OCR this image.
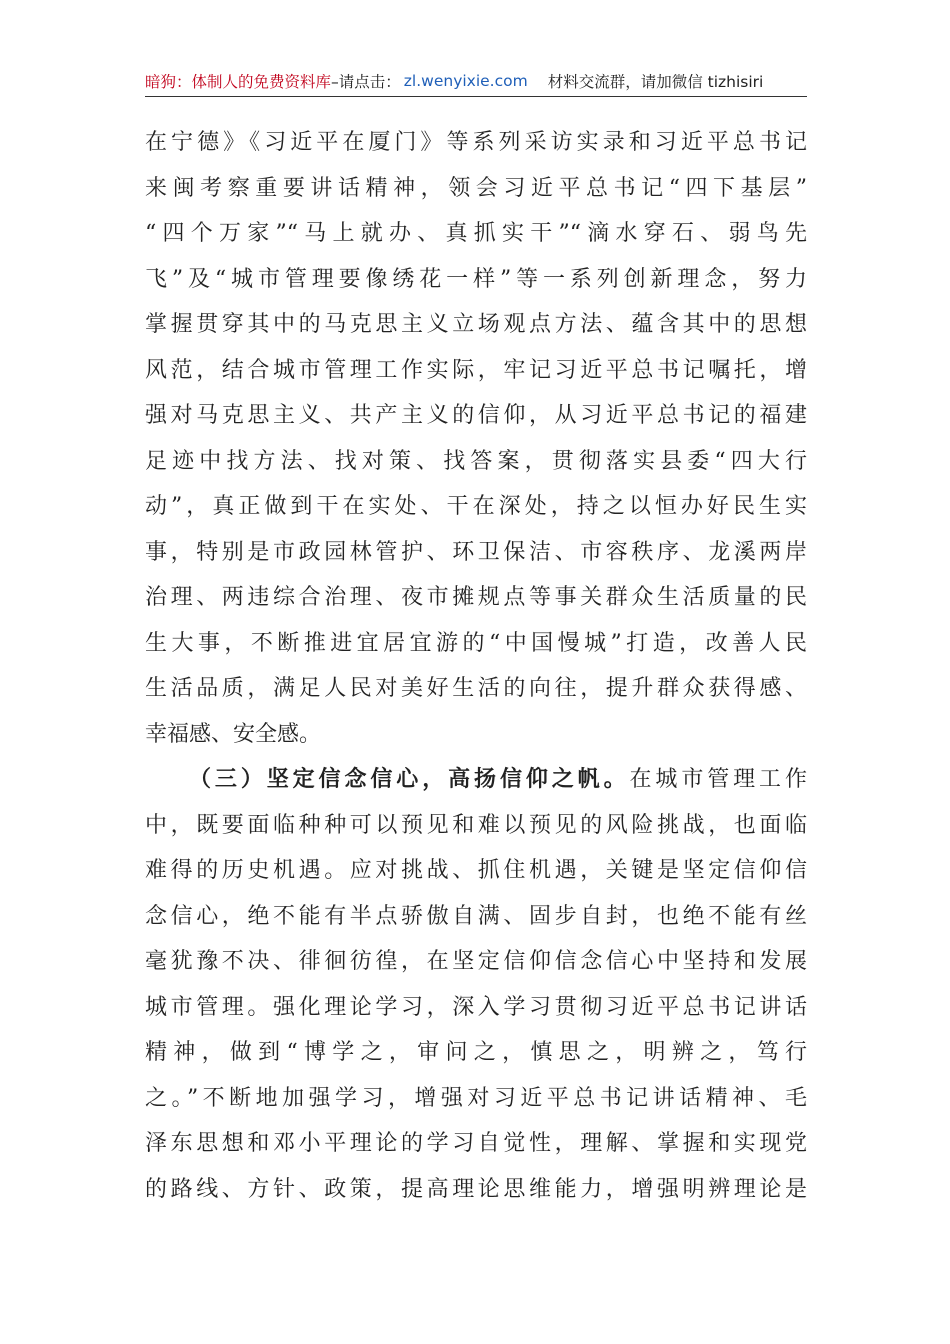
暗狗：体制人的免费资料库 –请点击： zl.wenyixie.com 材料交流群，请加微信 tizhisiri
在宁德》《习近平在厦门》等系列采访实录和习近平总书记
来闽考察重要讲话精神，领会习近平总书记“四下基层”
“四个万家”“马上就办、真抓实干”“滴水穿石、弱鸟先
飞”及“城市管理要像绣花一样”等一系列创新理念，努力
掌握贯穿其中的马克思主义立场观点方法、蕴含其中的思想
风范，结合城市管理工作实际，牢记习近平总书记嘱托，增
强对马克思主义、共产主义的信仰，从习近平总书记的福建
足迹中找方法、找对策、找答案，贯彻落实县委“四大行
动”，真正做到干在实处、干在深处，持之以恒办好民生实
事，特别是市政园林管护、环卫保洁、市容秩序、龙溪两岸
治理、两违综合治理、夜市摊规点等事关群众生活质量的民
生大事，不断推进宜居宜游的“中国慢城”打造，改善人民
生活品质，满足人民对美好生活的向往，提升群众获得感、
幸福感、安全感。
（三）坚定信念信心，高扬信仰之帆。在城市管理工作
中，既要面临种种可以预见和难以预见的风险挑战，也面临
难得的历史机遇。应对挑战、抓住机遇，关键是坚定信仰信
念信心，绝不能有半点骄傲自满、固步自封，也绝不能有丝
毫犹豫不决、徘徊彷徨，在坚定信仰信念信心中坚持和发展
城市管理。强化理论学习，深入学习贯彻习近平总书记讲话
精神，做到“博学之，审问之，慎思之，明辨之，笃行
之。”不断地加强学习，增强对习近平总书记讲话精神、毛
泽东思想和邓小平理论的学习自觉性，理解、掌握和实现党
的路线、方针、政策，提高理论思维能力，增强明辨理论是
